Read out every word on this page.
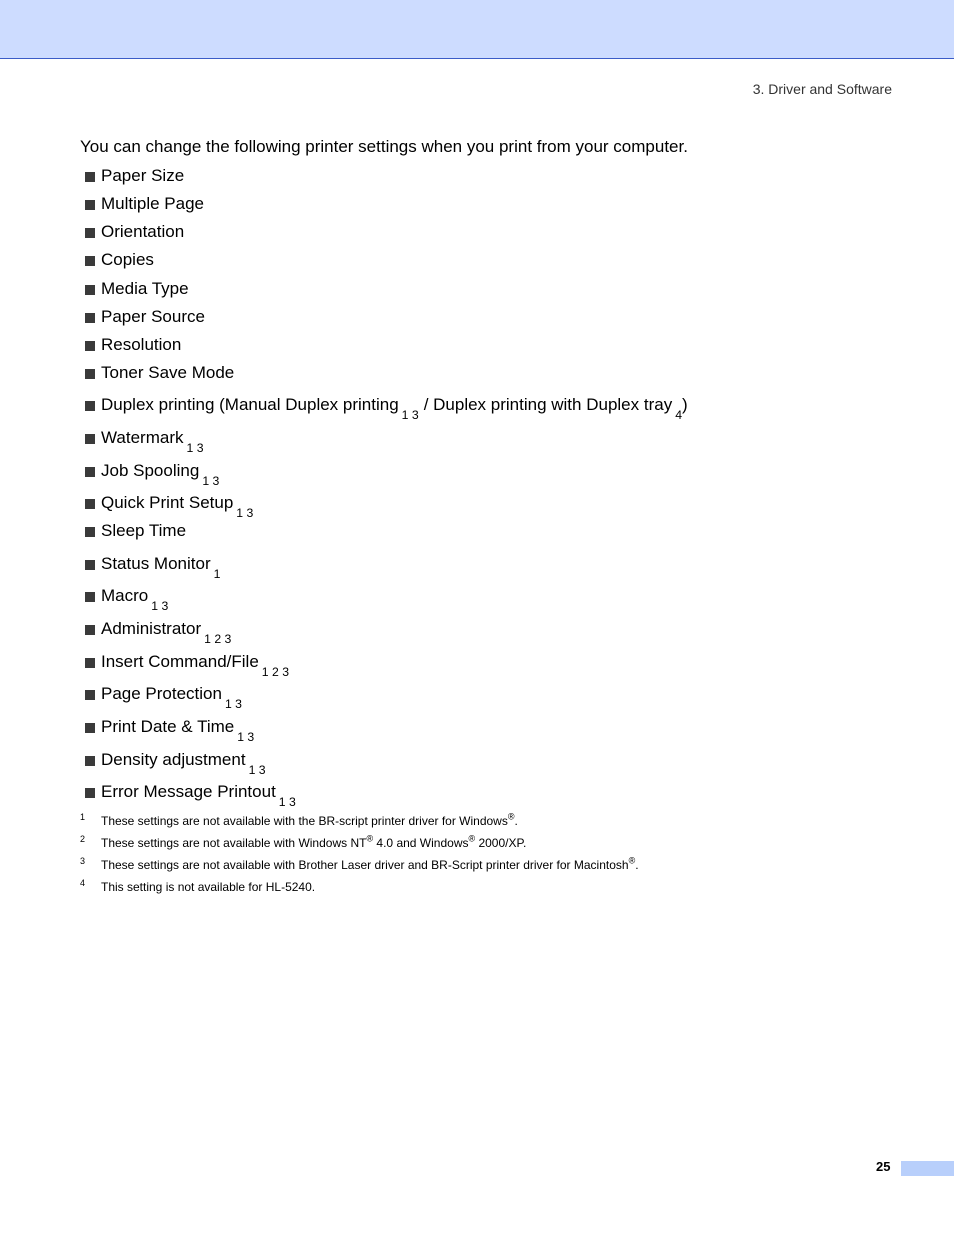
3. Driver and Software
You can change the following printer settings when you print from your computer.
Paper Size
Multiple Page
Orientation
Copies
Media Type
Paper Source
Resolution
Toner Save Mode
Duplex printing (Manual Duplex printing
1 3
/ Duplex printing with Duplex tray
4
)
Watermark
1 3
Job Spooling
1 3
Quick Print Setup
1 3
Sleep Time
Status Monitor
1
Macro
1 3
Administrator
1 2 3
Insert Command/File
1 2 3
Page Protection
1 3
Print Date & Time
1 3
Density adjustment
1 3
Error Message Printout
1 3
1 These settings are not available with the BR-script printer driver for Windows®.
2 These settings are not available with Windows NT® 4.0 and Windows® 2000/XP.
3 These settings are not available with Brother Laser driver and BR-Script printer driver for Macintosh®.
4 This setting is not available for HL-5240.
25
